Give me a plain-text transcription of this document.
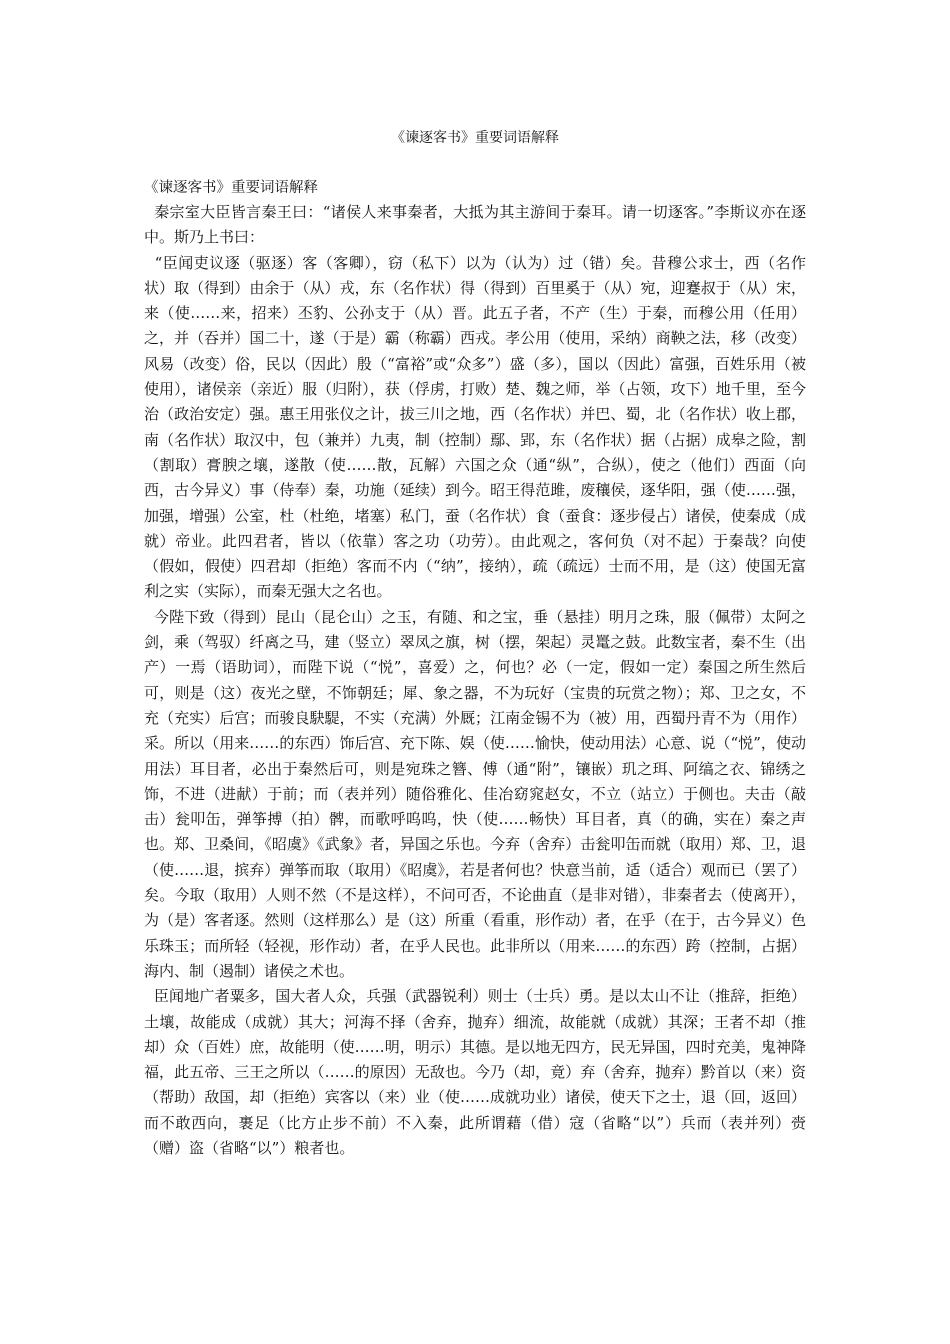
《谏逐客书》重要词语解释

《谏逐客书》重要词语解释

秦宗室大臣皆言秦王曰：“诸侯人来事秦者，大抵为其主游间于秦耳。请一切逐客。”李斯议亦在逐中。斯乃上书曰：

“臣闻吏议逐（驱逐）客（客卿），窃（私下）以为（认为）过（错）矣。昔穆公求士，西（名作状）取（得到）由余于（从）戎，东（名作状）得（得到）百里奚于（从）宛，迎蹇叔于（从）宋，来（使……来，招来）丕豹、公孙支于（从）晋。此五子者，不产（生）于秦，而穆公用（任用）之，并（吞并）国二十，遂（于是）霸（称霸）西戎。孝公用（使用，采纳）商鞅之法，移（改变）风易（改变）俗，民以（因此）殷（“富裕”或“众多”）盛（多），国以（因此）富强，百姓乐用（被使用），诸侯亲（亲近）服（归附），获（俘虏，打败）楚、魏之师，举（占领，攻下）地千里，至今治（政治安定）强。惠王用张仪之计，拔三川之地，西（名作状）并巴、蜀，北（名作状）收上郡，南（名作状）取汉中，包（兼并）九夷，制（控制）鄢、郢，东（名作状）据（占据）成皋之险，割（割取）膏腴之壤，遂散（使……散，瓦解）六国之众（通“纵”，合纵），使之（他们）西面（向西，古今异义）事（侍奉）秦，功施（延续）到今。昭王得范雎，废穰侯，逐华阳，强（使……强，加强，增强）公室，杜（杜绝，堵塞）私门，蚕（名作状）食（蚕食：逐步侵占）诸侯，使秦成（成就）帝业。此四君者，皆以（依靠）客之功（功劳）。由此观之，客何负（对不起）于秦哉？向使（假如，假使）四君却（拒绝）客而不内（“纳”，接纳），疏（疏远）士而不用，是（这）使国无富利之实（实际），而秦无强大之名也。

今陛下致（得到）昆山（昆仑山）之玉，有随、和之宝，垂（悬挂）明月之珠，服（佩带）太阿之剑，乘（驾驭）纤离之马，建（竖立）翠凤之旗，树（摆，架起）灵鼍之鼓。此数宝者，秦不生（出产）一焉（语助词），而陛下说（“悦”，喜爱）之，何也？必（一定，假如一定）秦国之所生然后可，则是（这）夜光之壁，不饰朝廷；犀、象之器，不为玩好（宝贵的玩赏之物）；郑、卫之女，不充（充实）后宫；而骏良駃騠，不实（充满）外厩；江南金锡不为（被）用，西蜀丹青不为（用作）采。所以（用来……的东西）饰后宫、充下陈、娱（使……愉快，使动用法）心意、说（“悦”，使动用法）耳目者，必出于秦然后可，则是宛珠之簪、傅（通“附”，镶嵌）玑之珥、阿缟之衣、锦绣之饰，不进（进献）于前；而（表并列）随俗雅化、佳冶窈窕赵女，不立（站立）于侧也。夫击（敲击）瓮叩缶，弹筝搏（拍）髀，而歌呼呜呜，快（使……畅快）耳目者，真（的确，实在）秦之声也。郑、卫桑间，《昭虞》《武象》者，异国之乐也。今弃（舍弃）击瓮叩缶而就（取用）郑、卫，退（使……退，摈弃）弹筝而取（取用）《昭虞》，若是者何也？快意当前，适（适合）观而已（罢了）矣。今取（取用）人则不然（不是这样），不问可否，不论曲直（是非对错），非秦者去（使离开），为（是）客者逐。然则（这样那么）是（这）所重（看重，形作动）者，在乎（在于，古今异义）色乐珠玉；而所轻（轻视，形作动）者，在乎人民也。此非所以（用来……的东西）跨（控制，占据）海内、制（遏制）诸侯之术也。

臣闻地广者粟多，国大者人众，兵强（武器锐利）则士（士兵）勇。是以太山不让（推辞，拒绝）土壤，故能成（成就）其大；河海不择（舍弃，抛弃）细流，故能就（成就）其深；王者不却（推却）众（百姓）庶，故能明（使……明，明示）其德。是以地无四方，民无异国，四时充美，鬼神降福，此五帝、三王之所以（……的原因）无敌也。今乃（却，竟）弃（舍弃，抛弃）黔首以（来）资（帮助）敌国，却（拒绝）宾客以（来）业（使……成就功业）诸侯，使天下之士，退（回，返回）而不敢西向，裹足（比方止步不前）不入秦，此所谓藉（借）寇（省略“以”）兵而（表并列）赍（赠）盗（省略“以”）粮者也。
